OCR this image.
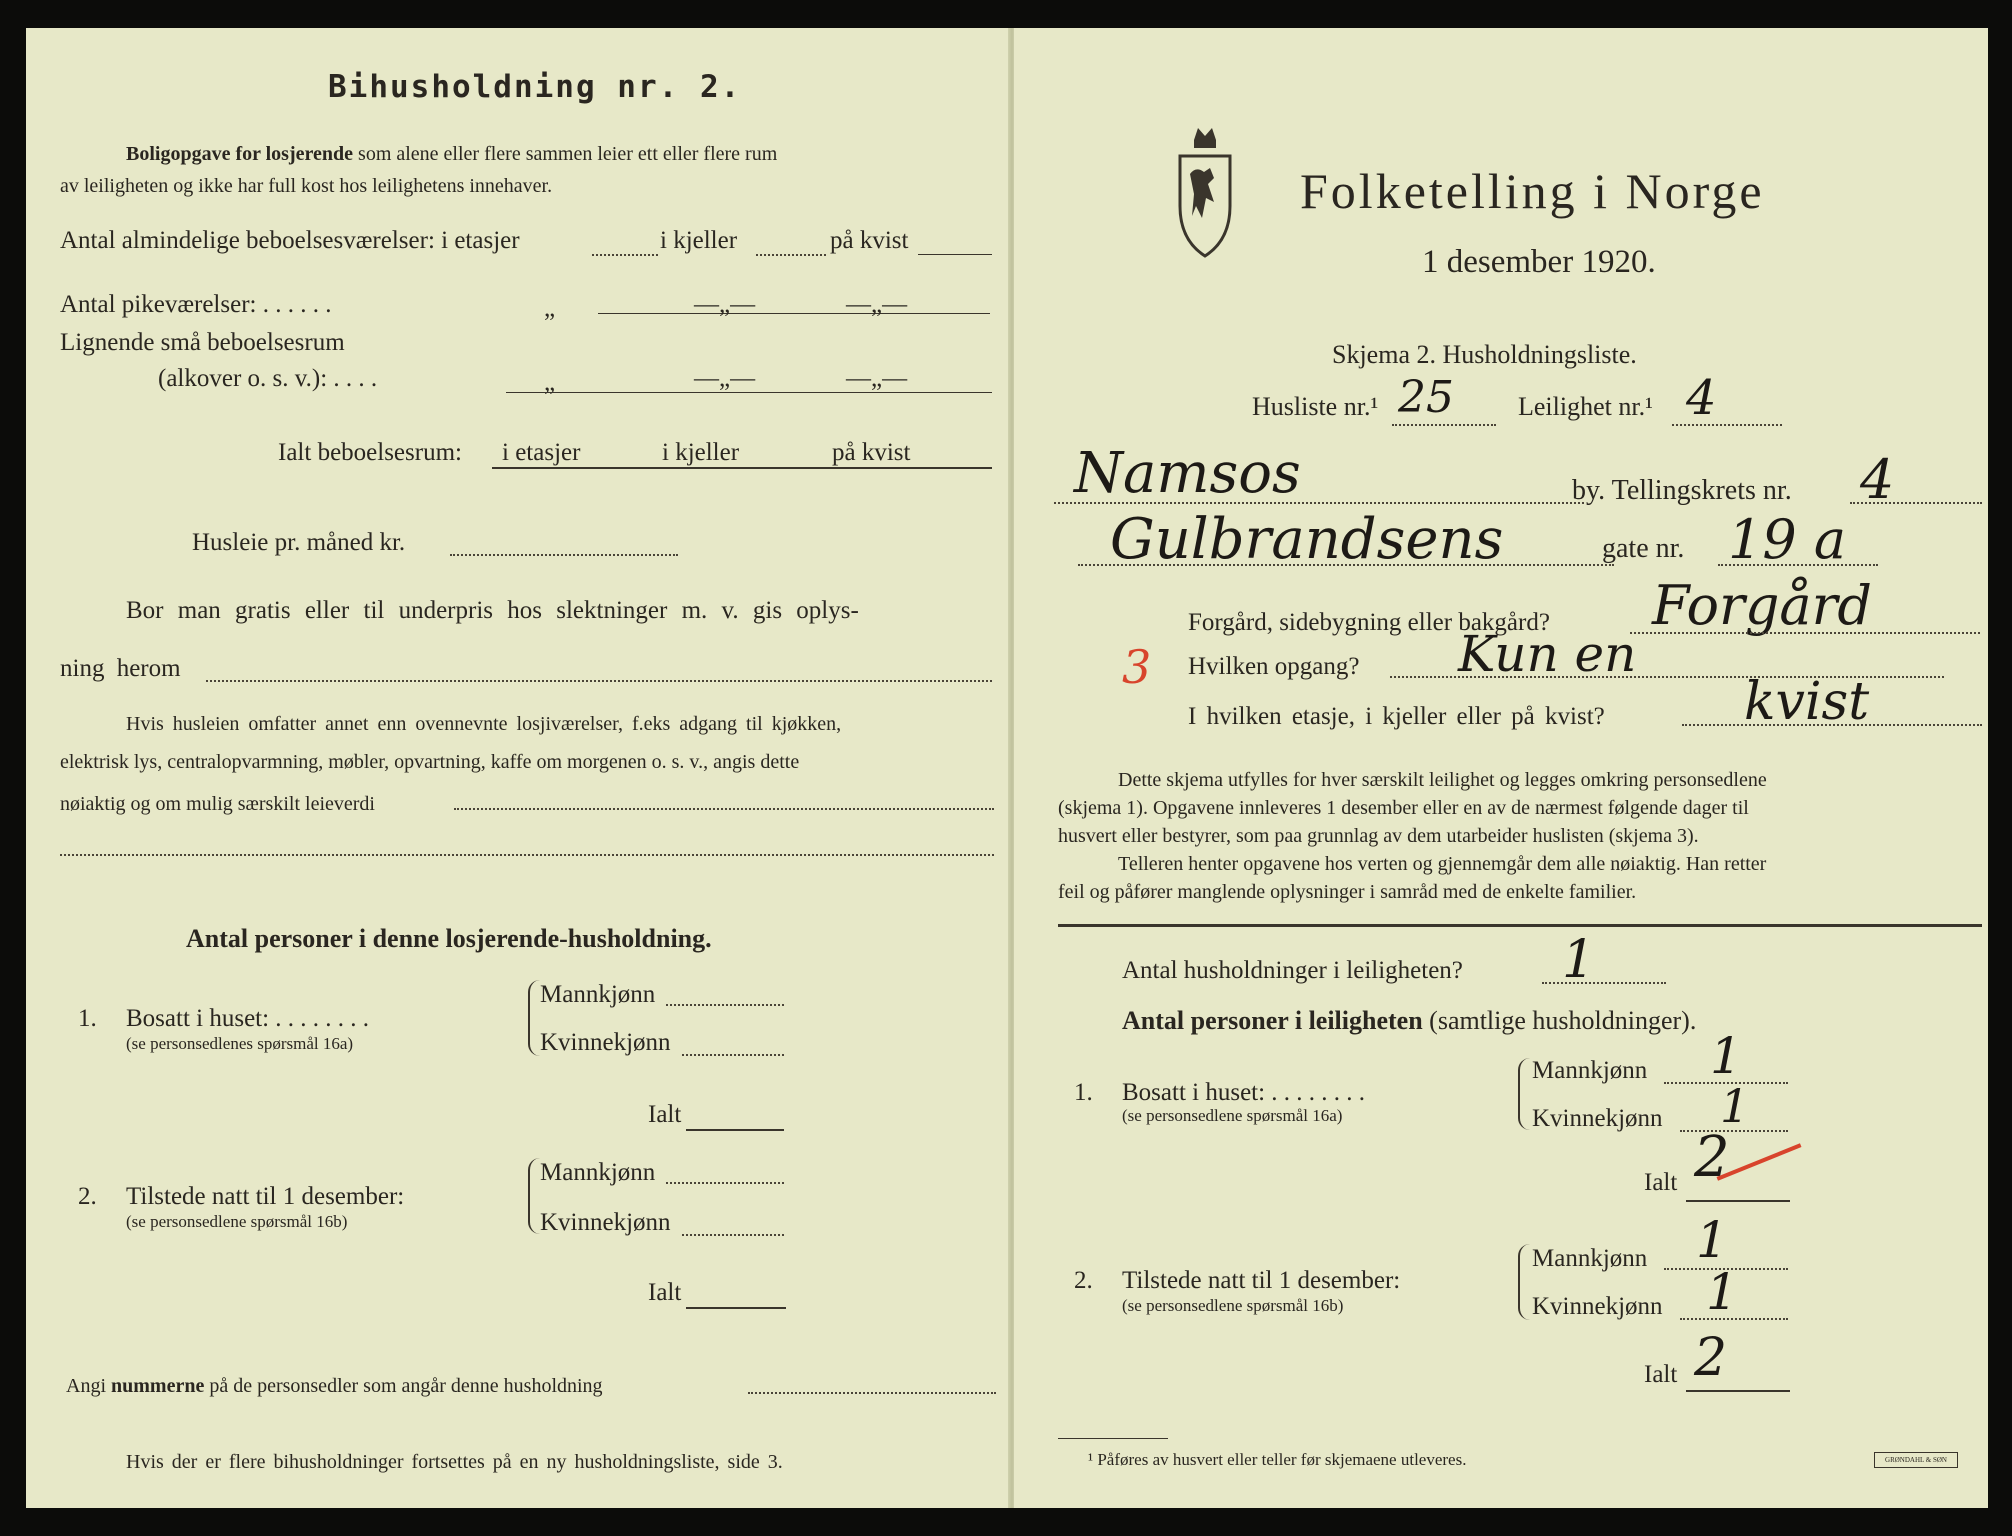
Bihusholdning nr. 2.
Boligopgave for losjerende som alene eller flere sammen leier ett eller flere rum
av leiligheten og ikke har full kost hos leilighetens innehaver.
Antal almindelige beboelsesværelser: i etasjer	i kjeller	på kvist
Antal pikeværelser: . . . . . .	„	—„—	—„—
Lignende små beboelsesrum
(alkover o. s. v.): . . . .	„	—„—	—„—
Ialt beboelsesrum: i etasjer	i kjeller	på kvist
Husleie pr. måned kr.
Bor man gratis eller til underpris hos slektninger m. v. gis oplys-
ning herom
Hvis husleien omfatter annet enn ovennevnte losjiværelser, f.eks adgang til kjøkken,
elektrisk lys, centralopvarmning, møbler, opvartning, kaffe om morgenen o. s. v., angis dette
nøiaktig og om mulig særskilt leieverdi
Antal personer i denne losjerende-husholdning.
1. Bosatt i huset: . . . . . . . .
(se personsedlenes spørsmål 16a)
Mannkjønn
Kvinnekjønn
Ialt
2. Tilstede natt til 1 desember:
(se personsedlene spørsmål 16b)
Mannkjønn
Kvinnekjønn
Ialt
Angi nummerne på de personsedler som angår denne husholdning
Hvis der er flere bihusholdninger fortsettes på en ny husholdningsliste, side 3.
Folketelling i Norge
1 desember 1920.
Skjema 2. Husholdningsliste.
Husliste nr.¹ 25 Leilighet nr.¹ 4
Namsos	by. Tellingskrets nr. 4
Gulbrandsens	gate nr. 19 a
Forgård, sidebygning eller bakgård? Forgård
3 Hvilken opgang? Kun en
I hvilken etasje, i kjeller eller på kvist?	kvist
Dette skjema utfylles for hver særskilt leilighet og legges omkring personsedlene
(skjema 1). Opgavene innleveres 1 desember eller en av de nærmest følgende dager til
husvert eller bestyrer, som paa grunnlag av dem utarbeider huslisten (skjema 3).
Telleren henter opgavene hos verten og gjennemgår dem alle nøiaktig. Han retter
feil og påfører manglende oplysninger i samråd med de enkelte familier.
Antal husholdninger i leiligheten? 1
Antal personer i leiligheten (samtlige husholdninger).
1. Bosatt i huset: . . . . . . . .
(se personsedlene spørsmål 16a)
Mannkjønn 1
Kvinnekjønn 1
Ialt 2
2. Tilstede natt til 1 desember:
(se personsedlene spørsmål 16b)
Mannkjønn 1
Kvinnekjønn 1
Ialt 2
¹ Påføres av husvert eller teller før skjemaene utleveres.	GRØNDAHL & SØN
